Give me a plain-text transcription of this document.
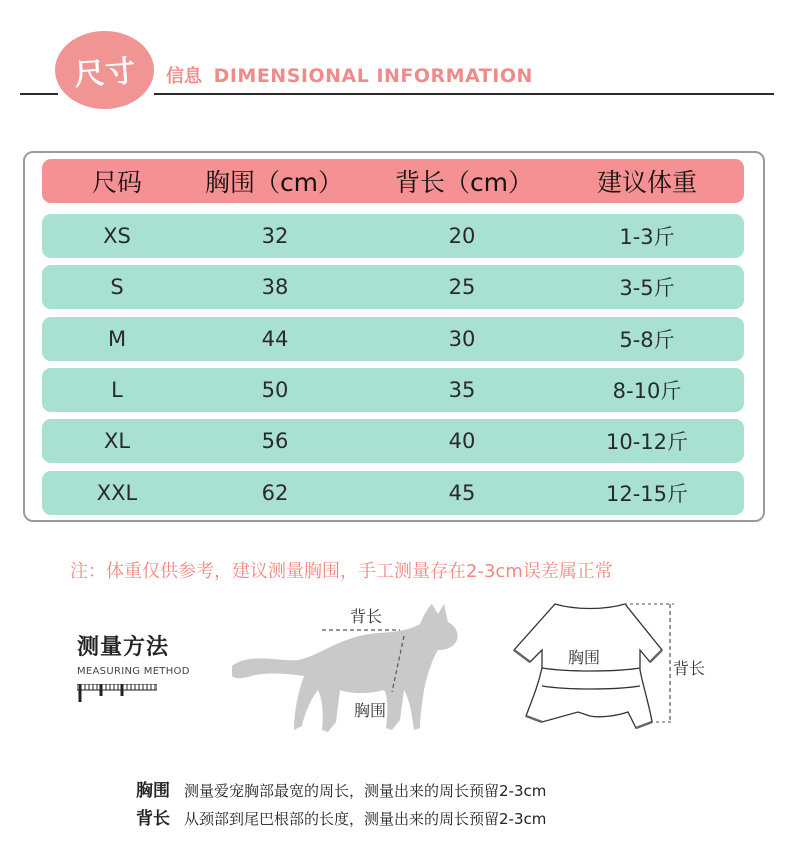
尺寸 信息 DIMENSIONAL INFORMATION
尺码	胸围（cm）	背长（cm）	建议体重
XS	32	20	1-3斤
S	38	25	3-5斤
M	44	30	5-8斤
L	50	35	8-10斤
XL	56	40	10-12斤
XXL	62	45	12-15斤
注：体重仅供参考，建议测量胸围，手工测量存在2-3cm误差属正常
测量方法
MEASURING METHOD
背长
胸围
胸围
背长
胸围 测量爱宠胸部最宽的周长，测量出来的周长预留2-3cm
背长 从颈部到尾巴根部的长度，测量出来的周长预留2-3cm
